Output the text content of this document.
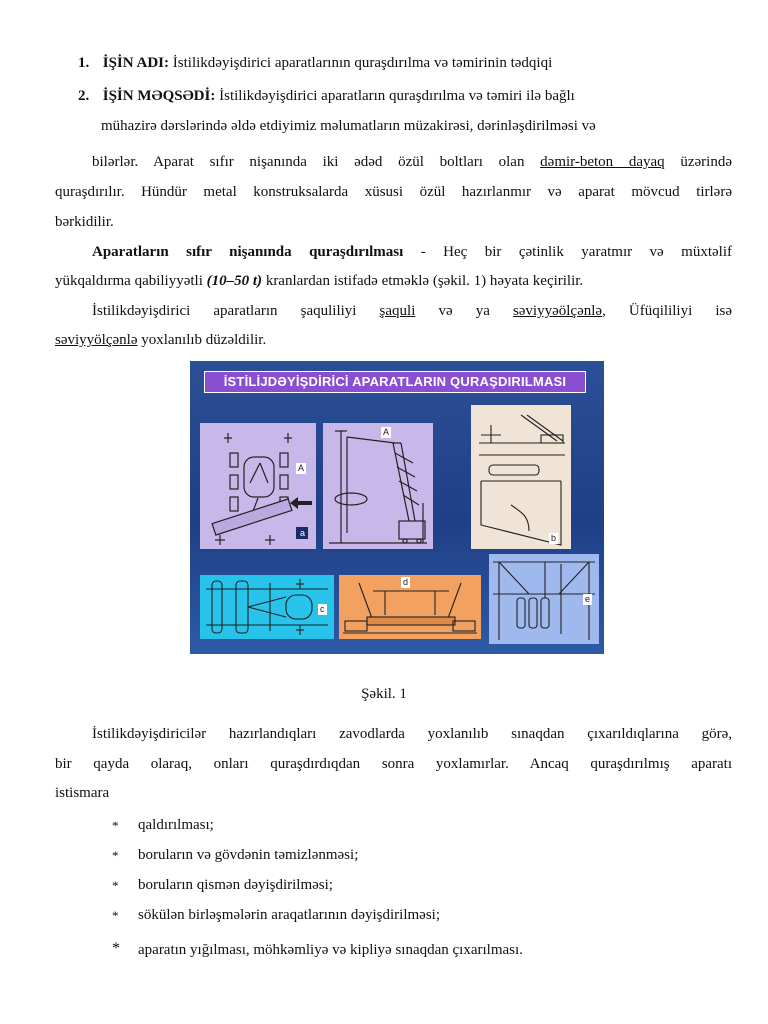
1. İŞİN ADI: İstilikdəyişdirici aparatlarının quraşdırılma və təmirinin tədqiqi
2. İŞİN MƏQSƏDİ: İstilikdəyişdirici aparatların quraşdırılma və təmiri ilə bağlı
mühazirə dərslərində əldə etdiyimiz məlumatların müzakirəsi, dərinləşdirilməsi və
bilərlər. Aparat sıfır nişanında iki ədəd özül boltları olan dəmir-beton dayaq üzərində
quraşdırılır. Hündür metal konstruksalarda xüsusi özül hazırlanmır və aparat mövcud tirlərə
bərkidilir.
Aparatların sıfır nişanında quraşdırılması - Heç bir çətinlik yaratmır və müxtəlif
yükqaldırma qabiliyyətli (10–50 t) kranlardan istifadə etməklə (şəkil. 1) həyata keçirilir.
İstilikdəyişdirici aparatların şaquliliyi şaquli və ya səviyyəölçənlə, Üfüqililiyi isə
səviyyölçənlə yoxlanılıb düzəldilir.
İSTİLİJDƏYİŞDİRİCİ APARATLARIN QURAŞDIRILMASI
A
a
A
b
c
d
e
Şəkil. 1
İstilikdəyişdiricilər hazırlandıqları zavodlarda yoxlanılıb sınaqdan çıxarıldıqlarına görə,
bir qayda olaraq, onları quraşdırdıqdan sonra yoxlamırlar. Ancaq quraşdırılmış aparatı
istismara
* qaldırılması;
* boruların və gövdənin təmizlənməsi;
* boruların qismən dəyişdirilməsi;
* sökülən birləşmələrin araqatlarının dəyişdirilməsi;
* aparatın yığılması, möhkəmliyə və kipliyə sınaqdan çıxarılması.
